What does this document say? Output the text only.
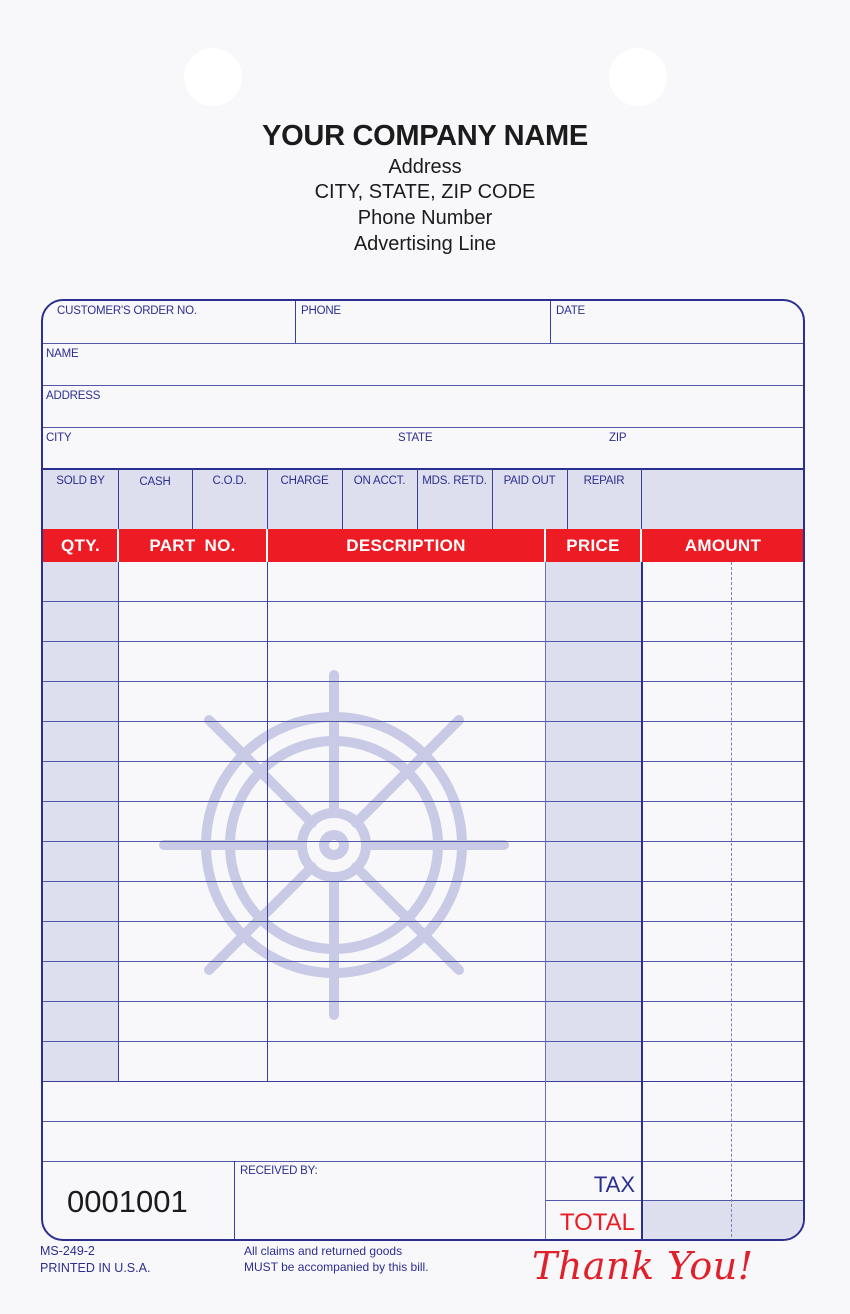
YOUR COMPANY NAME
Address
CITY, STATE, ZIP CODE
Phone Number
Advertising Line
CUSTOMER'S ORDER NO.	PHONE	DATE
NAME
ADDRESS
CITY	STATE	ZIP
SOLD BY	CASH	C.O.D.	CHARGE	ON ACCT.	MDS. RETD.	PAID OUT	REPAIR
QTY.	PART NO.	DESCRIPTION	PRICE	AMOUNT
0001001
RECEIVED BY:
TAX
TOTAL
MS-249-2
PRINTED IN U.S.A.
All claims and returned goods
MUST be accompanied by this bill.	Thank You!
